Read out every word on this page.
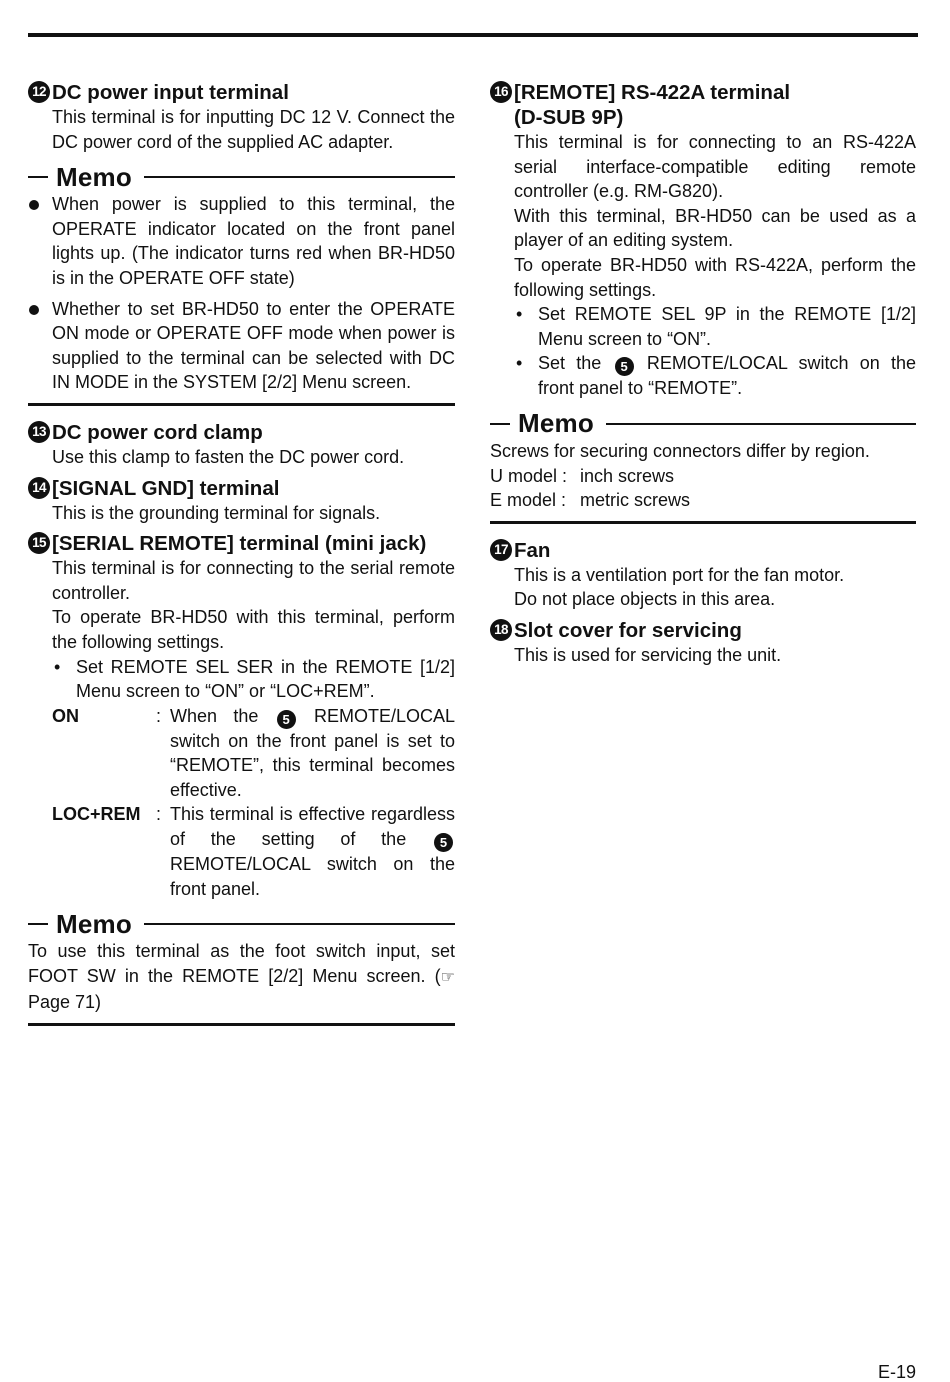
12 DC power input terminal
This terminal is for inputting DC 12 V. Connect the DC power cord of the supplied AC adapter.
Memo
When power is supplied to this terminal, the OPERATE indicator located on the front panel lights up. (The indicator turns red when BR-HD50 is in the OPERATE OFF state)
Whether to set BR-HD50 to enter the OPERATE ON mode or OPERATE OFF mode when power is supplied to the terminal can be selected with DC IN MODE in the SYSTEM [2/2] Menu screen.
13 DC power cord clamp
Use this clamp to fasten the DC power cord.
14 [SIGNAL GND] terminal
This is the grounding terminal for signals.
15 [SERIAL REMOTE] terminal (mini jack)
This terminal is for connecting to the serial remote controller.
To operate BR-HD50 with this terminal, perform the following settings.
• Set REMOTE SEL SER in the REMOTE [1/2] Menu screen to “ON” or “LOC+REM”.
ON	: When the 5 REMOTE/LOCAL switch on the front panel is set to “REMOTE”, this terminal becomes effective.
LOC+REM : This terminal is effective regardless of the setting of the	5 REMOTE/LOCAL switch on the front panel.
Memo
To use this terminal as the foot switch input, set FOOT SW in the REMOTE [2/2] Menu screen. (☞Page 71)
16 [REMOTE] RS-422A terminal
(D-SUB 9P)
This terminal is for connecting to an RS-422A serial interface-compatible editing remote controller (e.g. RM-G820).
With this terminal, BR-HD50 can be used as a player of an editing system.
To operate BR-HD50 with RS-422A, perform the following settings.
• Set REMOTE SEL 9P in the REMOTE [1/2] Menu screen to “ON”.
• Set the 5 REMOTE/LOCAL switch on the front panel to “REMOTE”.
Memo
Screws for securing connectors differ by region.
U model : inch screws
E model : metric screws
17 Fan
This is a ventilation port for the fan motor.
Do not place objects in this area.
18 Slot cover for servicing
This is used for servicing the unit.
E-19
